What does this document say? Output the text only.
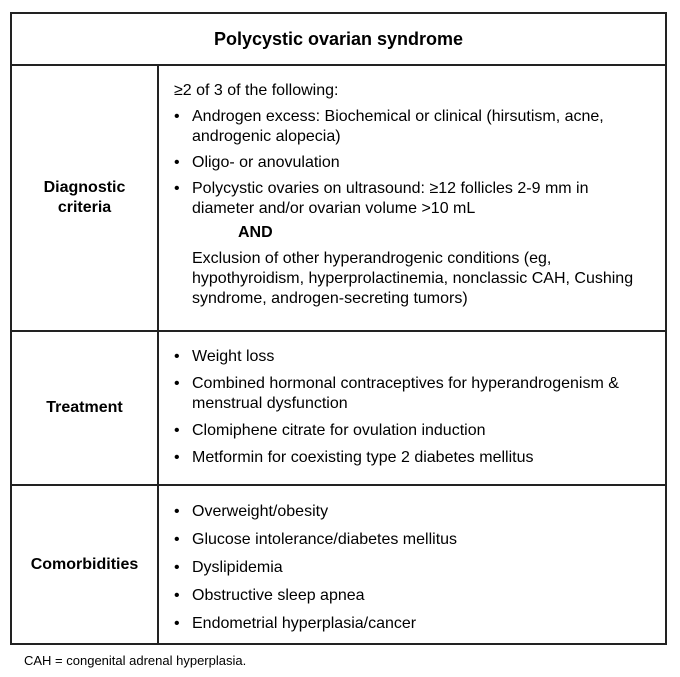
Polycystic ovarian syndrome
Diagnostic criteria

≥2 of 3 of the following:

• Androgen excess: Biochemical or clinical (hirsutism, acne, androgenic alopecia)
• Oligo- or anovulation
• Polycystic ovaries on ultrasound: ≥12 follicles 2-9 mm in diameter and/or ovarian volume >10 mL
AND
Exclusion of other hyperandrogenic conditions (eg, hypothyroidism, hyperprolactinemia, nonclassic CAH, Cushing syndrome, androgen-secreting tumors)
Treatment
• Weight loss
• Combined hormonal contraceptives for hyperandrogenism & menstrual dysfunction
• Clomiphene citrate for ovulation induction
• Metformin for coexisting type 2 diabetes mellitus
Comorbidities
• Overweight/obesity
• Glucose intolerance/diabetes mellitus
• Dyslipidemia
• Obstructive sleep apnea
• Endometrial hyperplasia/cancer
CAH = congenital adrenal hyperplasia.
